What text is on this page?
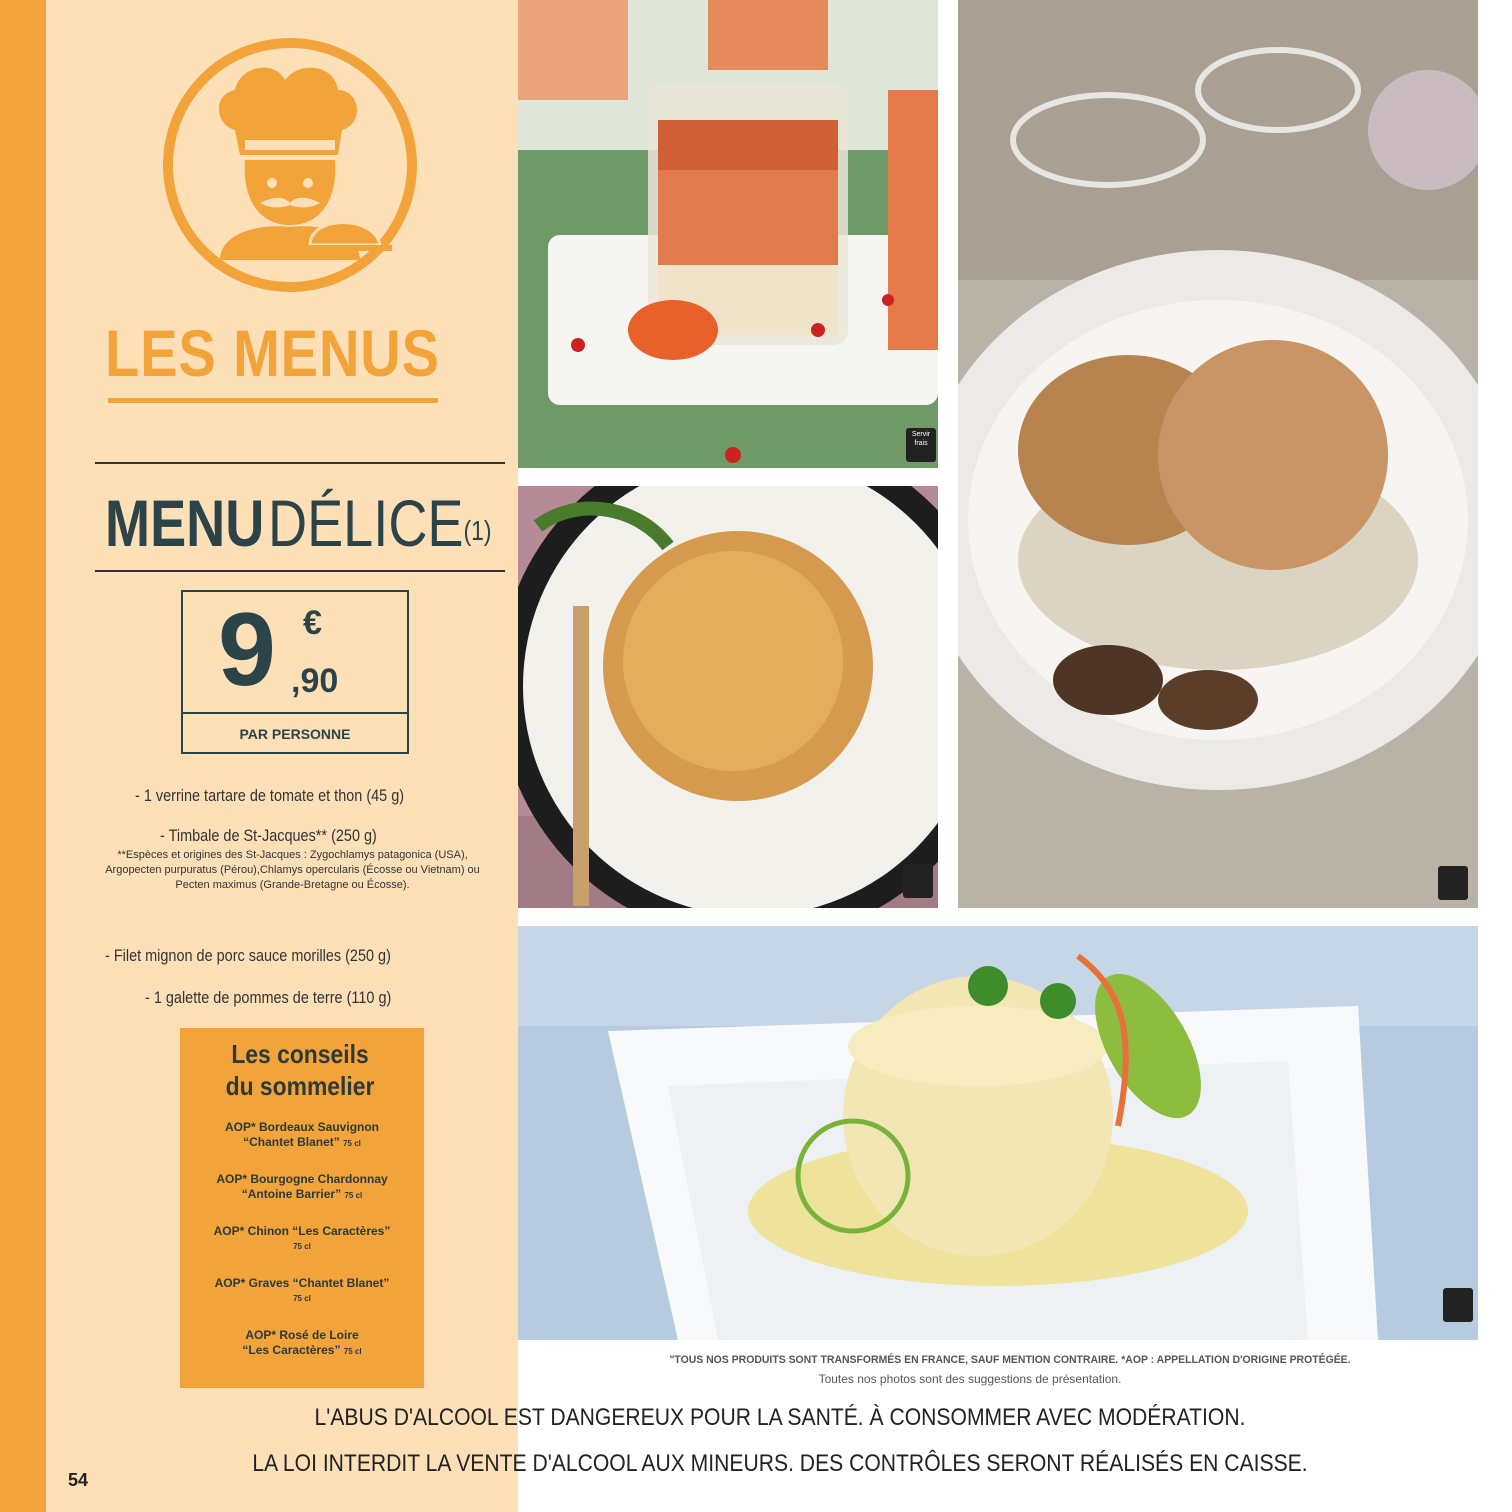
LES MENUS
MENU DÉLICE$^{(1)}$
9 €
,90
PAR PERSONNE
- 1 verrine tartare de tomate et thon (45 g)
- Timbale de St-Jacques** (250 g)
**Espèces et origines des St-Jacques : Zygochlamys patagonica (USA), Argopecten purpuratus (Pérou),Chlamys opercularis (Écosse ou Vietnam) ou Pecten maximus (Grande-Bretagne ou Écosse).
- Filet mignon de porc sauce morilles (250 g)
- 1 galette de pommes de terre (110 g)
Les conseils
du sommelier
AOP* Bordeaux Sauvignon
“Chantet Blanet” 75 cl
AOP* Bourgogne Chardonnay
“Antoine Barrier” 75 cl
AOP* Chinon “Les Caractères”
75 cl
AOP* Graves “Chantet Blanet”
75 cl
AOP* Rosé de Loire
“Les Caractères” 75 cl
Servir frais
"TOUS NOS PRODUITS SONT TRANSFORMÉS EN FRANCE, SAUF MENTION CONTRAIRE. *AOP : APPELLATION D'ORIGINE PROTÉGÉE.
Toutes nos photos sont des suggestions de présentation.
L'ABUS D'ALCOOL EST DANGEREUX POUR LA SANTÉ. À CONSOMMER AVEC MODÉRATION.
LA LOI INTERDIT LA VENTE D'ALCOOL AUX MINEURS. DES CONTRÔLES SERONT RÉALISÉS EN CAISSE.
54
